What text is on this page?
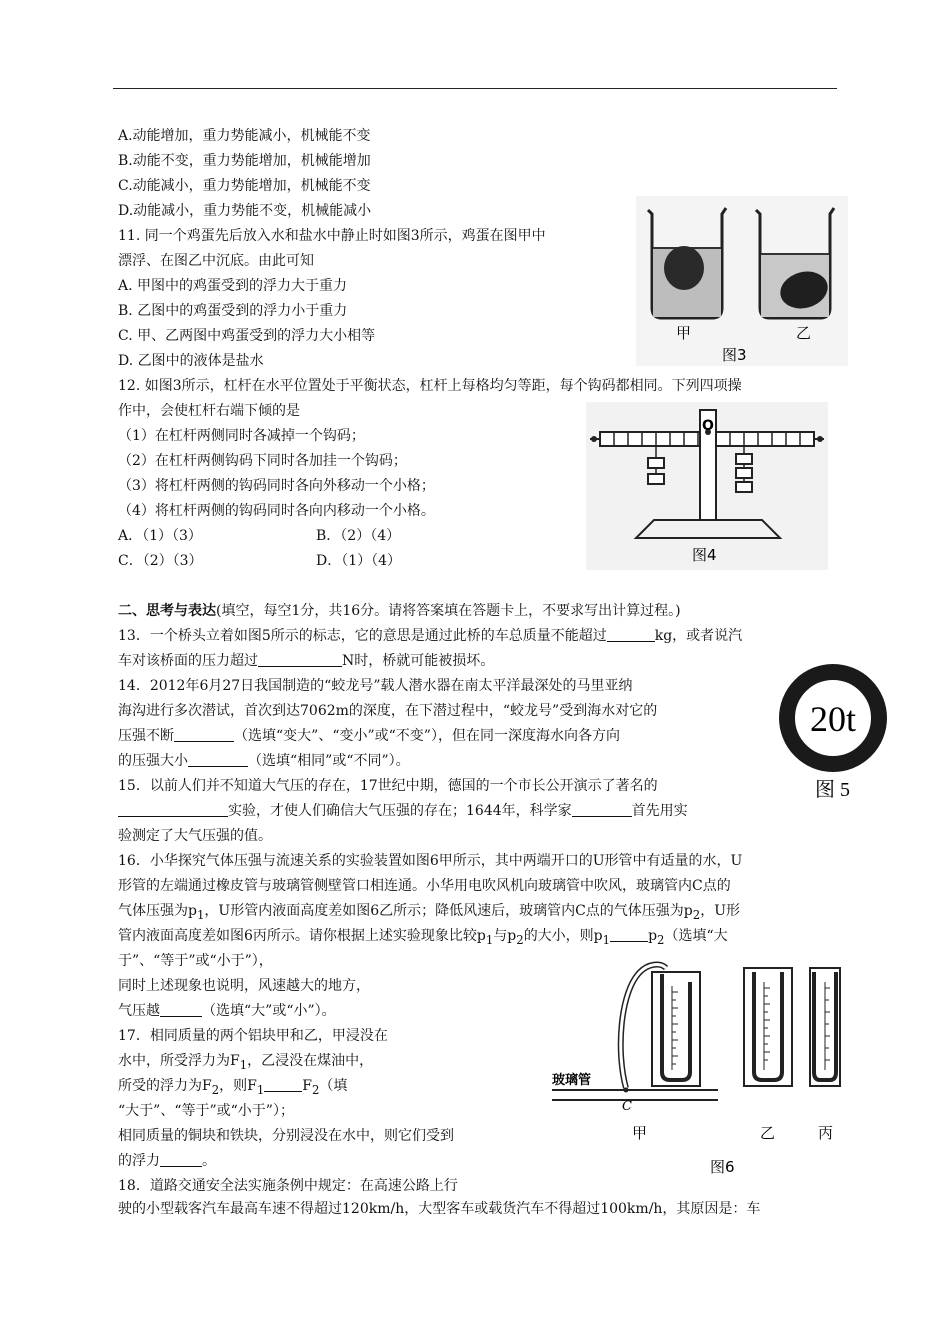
A.动能增加，重力势能减小，机械能不变
B.动能不变，重力势能增加，机械能增加
C.动能减小，重力势能增加，机械能不变
D.动能减小，重力势能不变，机械能减小
11. 同一个鸡蛋先后放入水和盐水中静止时如图3所示，鸡蛋在图甲中
漂浮、在图乙中沉底。由此可知
A. 甲图中的鸡蛋受到的浮力大于重力
B. 乙图中的鸡蛋受到的浮力小于重力
C. 甲、乙两图中鸡蛋受到的浮力大小相等
D. 乙图中的液体是盐水
甲	乙
图3
12. 如图3所示，杠杆在水平位置处于平衡状态，杠杆上每格均匀等距，每个钩码都相同。下列四项操
作中，会使杠杆右端下倾的是
（1）在杠杆两侧同时各减掉一个钩码；
（2）在杠杆两侧钩码下同时各加挂一个钩码；
（3）将杠杆两侧的钩码同时各向外移动一个小格；
（4）将杠杆两侧的钩码同时各向内移动一个小格。
A．（1）（3）	B．（2）（4）
C．（2）（3）	D．（1）（4）
O
图4
二、思考与表达(填空，每空1分，共16分。请将答案填在答题卡上，不要求写出计算过程。)
13．一个桥头立着如图5所示的标志，它的意思是通过此桥的车总质量不能超过	kg，或者说汽
车对该桥面的压力超过	N时，桥就可能被损坏。
20t
图 5
14．2012年6月27日我国制造的“蛟龙号”载人潜水器在南太平洋最深处的马里亚纳
海沟进行多次潜试，首次到达7062m的深度，在下潜过程中，“蛟龙号”受到海水对它的
压强不断	（选填“变大”、“变小”或“不变”），但在同一深度海水向各方向
的压强大小	（选填“相同”或“不同”）。
15．以前人们并不知道大气压的存在，17世纪中期，德国的一个市长公开演示了著名的
实验，才使人们确信大气压强的存在；1644年，科学家	首先用实
验测定了大气压强的值。
16．小华探究气体压强与流速关系的实验装置如图6甲所示，其中两端开口的U形管中有适量的水，U
形管的左端通过橡皮管与玻璃管侧壁管口相连通。小华用电吹风机向玻璃管中吹风，玻璃管内C点的
气体压强为$p_1$，U形管内液面高度差如图6乙所示；降低风速后，玻璃管内C点的气体压强为$p_2$，U形
管内液面高度差如图6丙所示。请你根据上述实验现象比较$p_1$与$p_2$的大小，则$p_1$	$p_2$（选填“大
于”、“等于”或“小于”），
同时上述现象也说明，风速越大的地方，
气压越	（选填“大”或“小”）。
17．相同质量的两个铝块甲和乙，甲浸没在
水中，所受浮力为$F_1$，乙浸没在煤油中，
所受的浮力为$F_2$，则$F_1$	$F_2$（填
“大于”、“等于”或“小于”）；
相同质量的铜块和铁块，分别浸没在水中，则它们受到
的浮力	。
玻璃管
C
甲	乙	丙
图6
18．道路交通安全法实施条例中规定：在高速公路上行
驶的小型载客汽车最高车速不得超过120km/h，大型客车或载货汽车不得超过100km/h，其原因是：车
